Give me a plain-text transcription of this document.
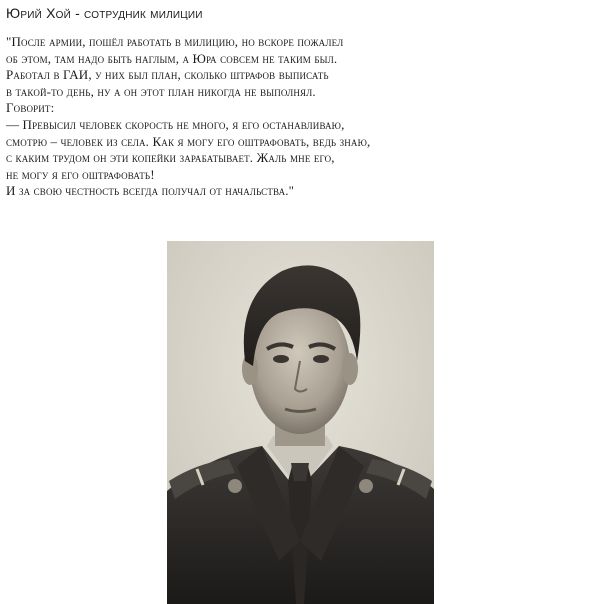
Юрий Хой - сотрудник милиции
"После армии, пошёл работать в милицию, но вскоре пожалел
об этом, там надо быть наглым, а Юра совсем не таким был.
Работал в ГАИ, у них был план, сколько штрафов выписать
в такой-то день, ну а он этот план никогда не выполнял.
Говорит:
— Превысил человек скорость не много, я его останавливаю,
смотрю – человек из села. Как я могу его оштрафовать, ведь знаю,
с каким трудом он эти копейки зарабатывает. Жаль мне его,
не могу я его оштрафовать!
И за свою честность всегда получал от начальства."
